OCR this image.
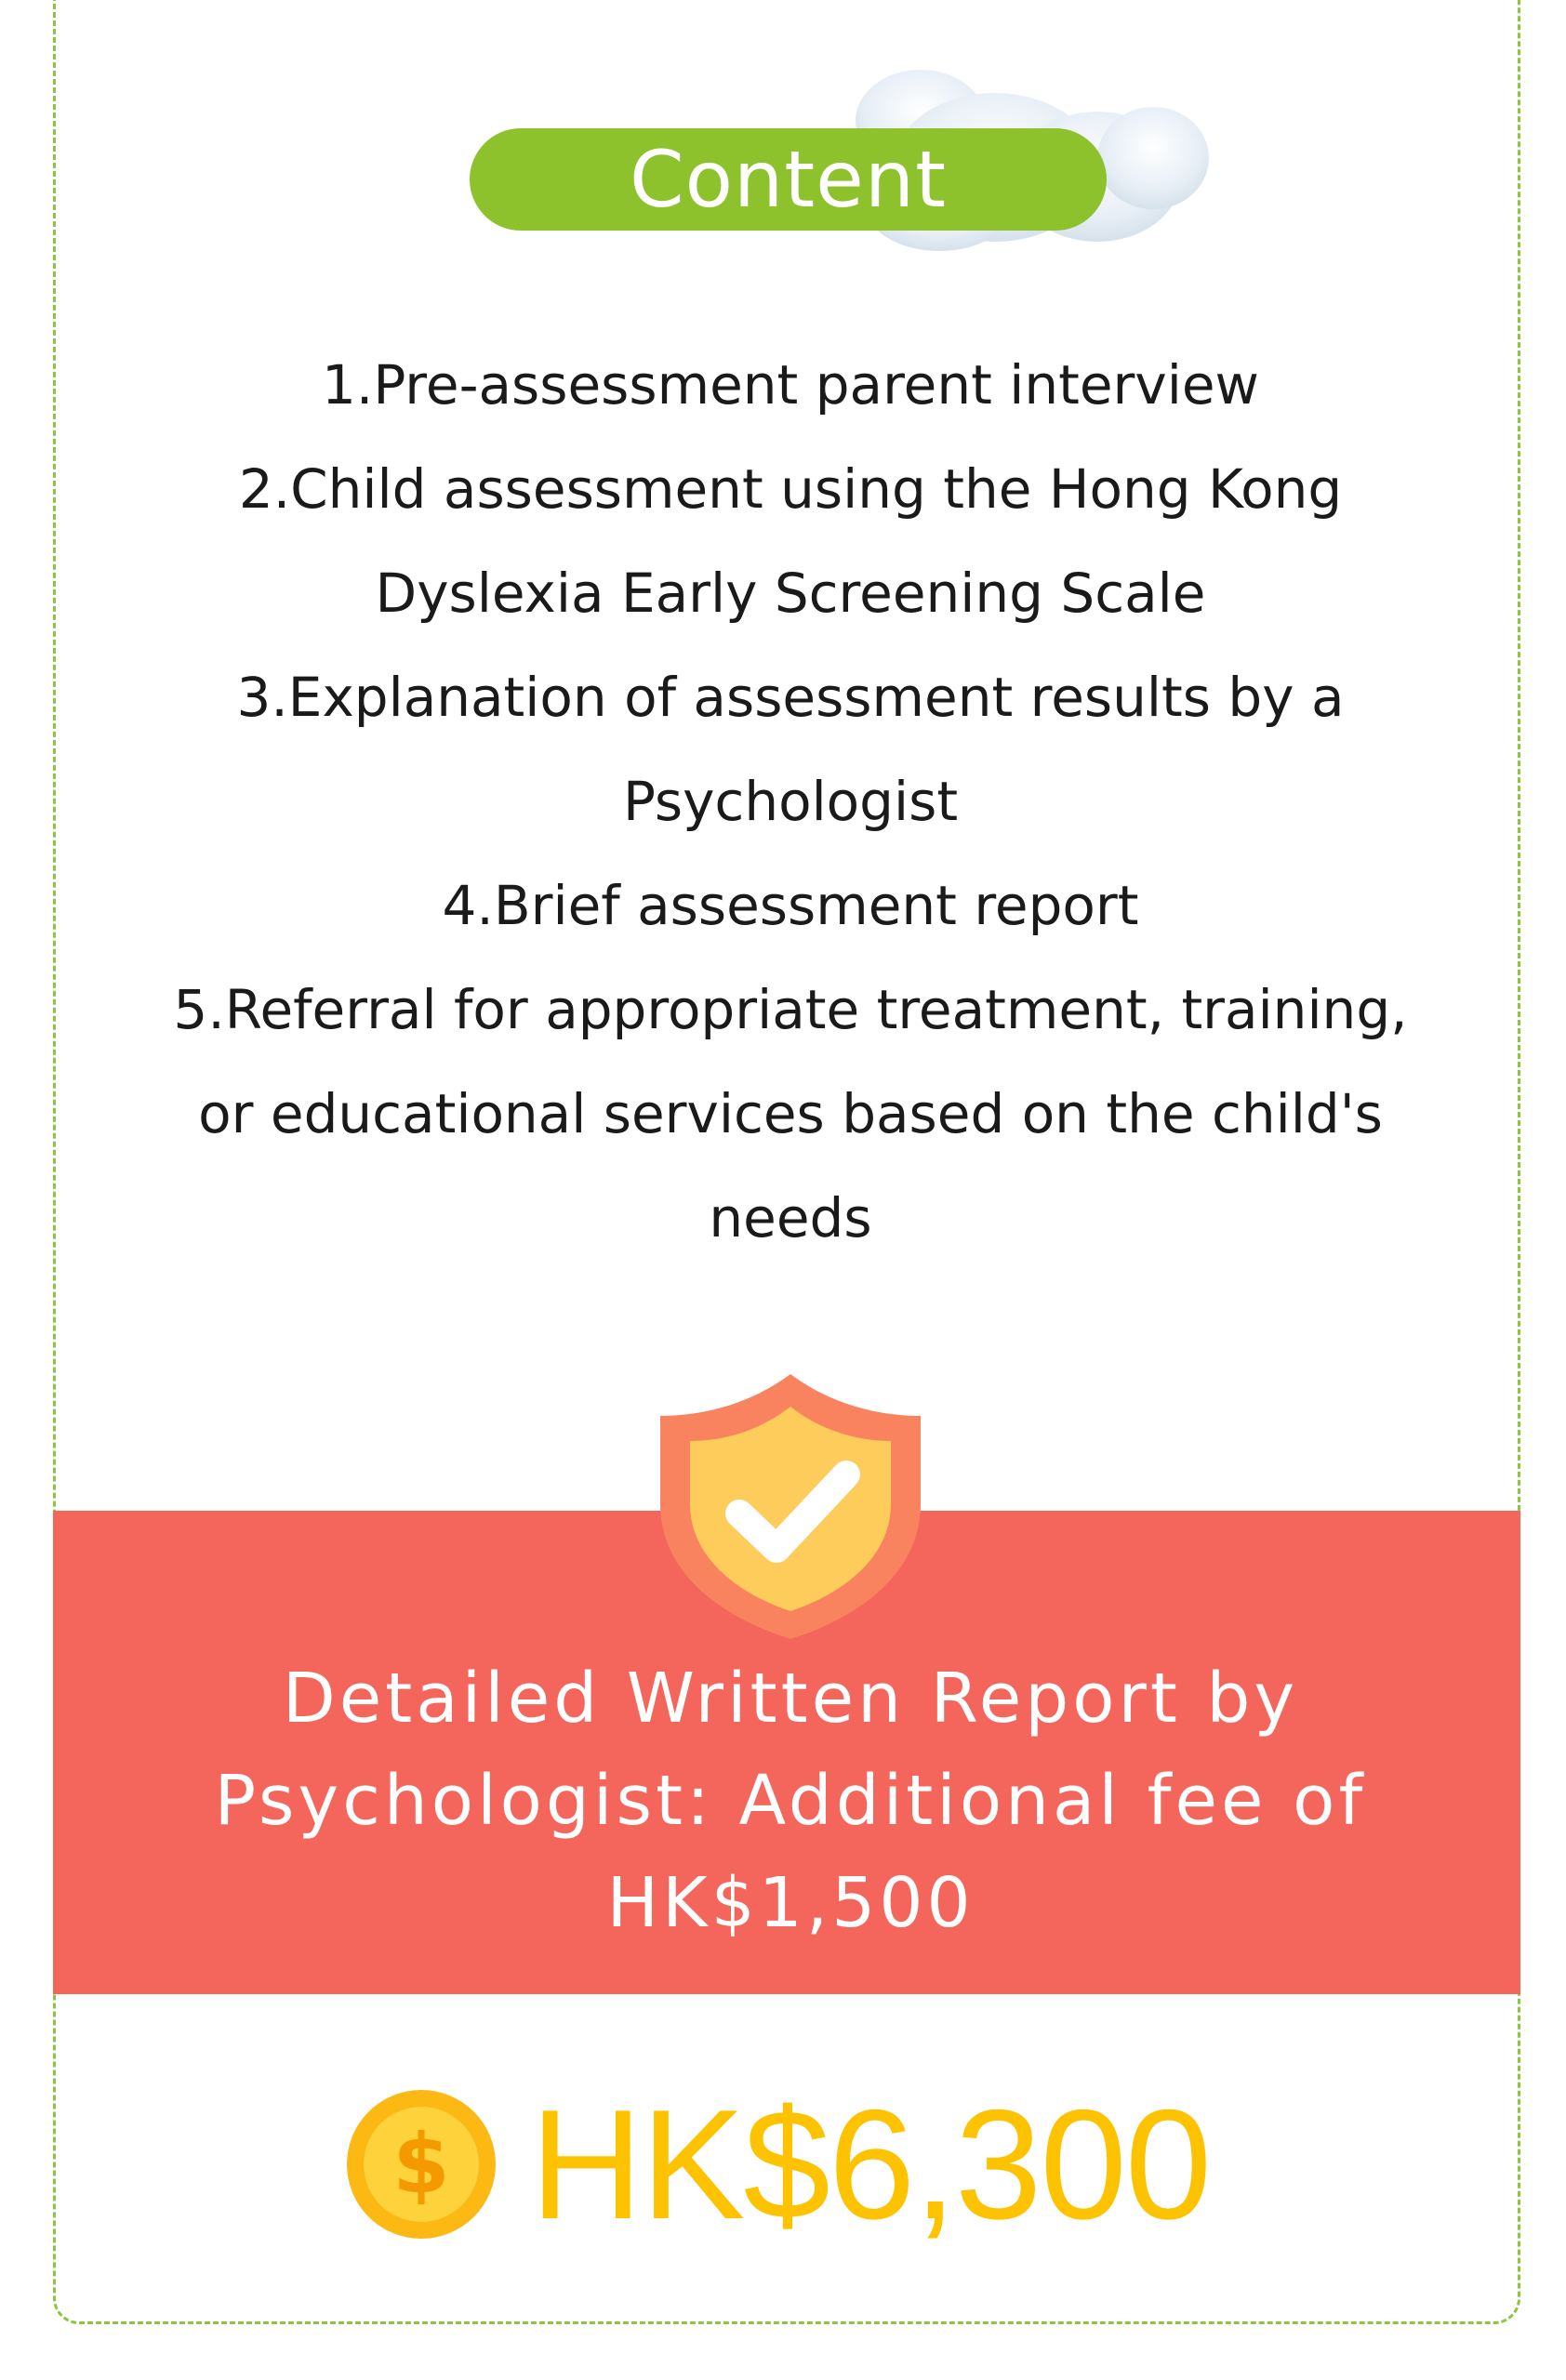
Content
1.Pre-assessment parent interview
2.Child assessment using the Hong Kong Dyslexia Early Screening Scale
3.Explanation of assessment results by a Psychologist
4.Brief assessment report
5.Referral for appropriate treatment, training, or educational services based on the child's needs
Detailed Written Report by
Psychologist: Additional fee of
HK$1,500
$ HK$6,300
